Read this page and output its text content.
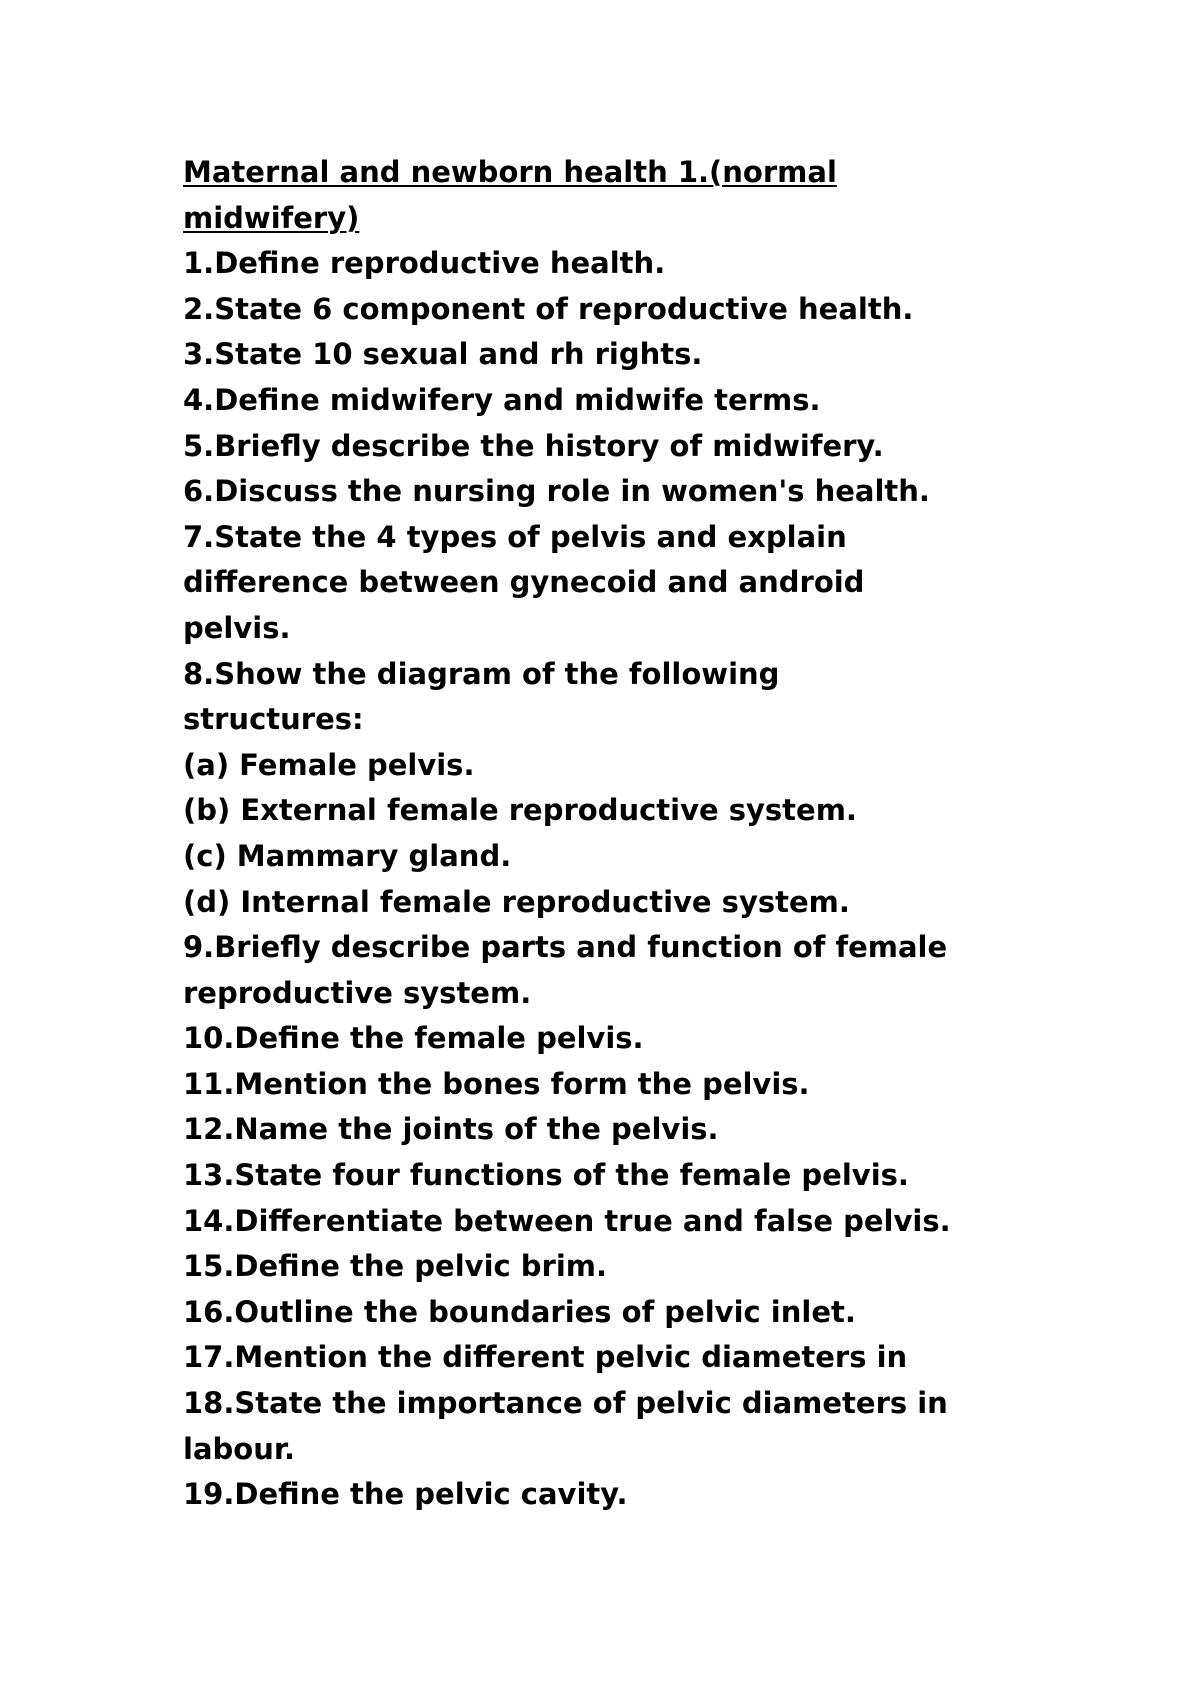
Maternal and newborn health 1.(normal midwifery)

1.Define reproductive health.

2.State 6 component of reproductive health.

3.State 10 sexual and rh rights.

4.Define midwifery and midwife terms.

5.Briefly describe the history of midwifery.

6.Discuss the nursing role in women's health.

7.State the 4 types of pelvis and explain

difference between gynecoid and android

pelvis.

8.Show the diagram of the following

structures:

(a) Female pelvis.

(b) External female reproductive system.

(c) Mammary gland.

(d) Internal female reproductive system.

9.Briefly describe parts and function of female

reproductive system.

10.Define the female pelvis.

11.Mention the bones form the pelvis.

12.Name the joints of the pelvis.

13.State four functions of the female pelvis.

14.Differentiate between true and false pelvis.

15.Define the pelvic brim.

16.Outline the boundaries of pelvic inlet.

17.Mention the different pelvic diameters in

18.State the importance of pelvic diameters in

labour.

19.Define the pelvic cavity.
